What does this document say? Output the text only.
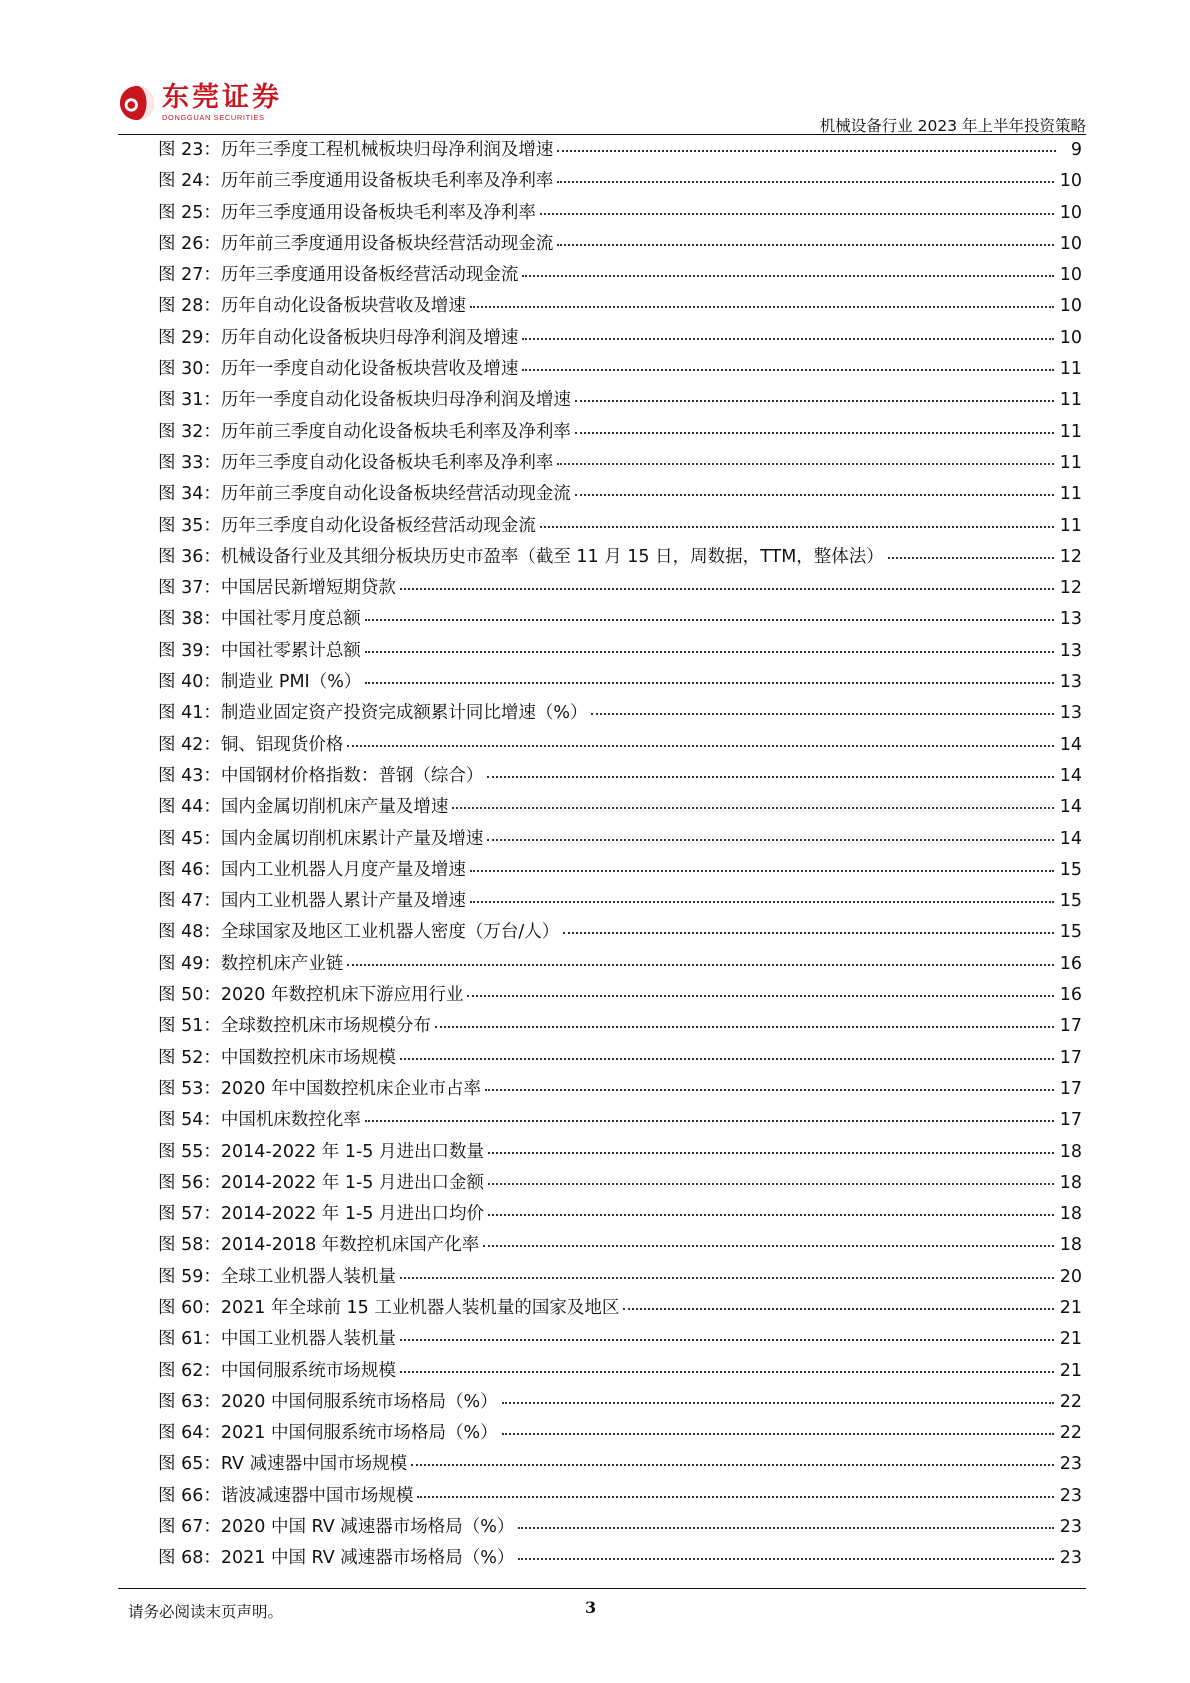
东莞证券
DONGGUAN SECURITIES	机械设备行业 2023 年上半年投资策略
图 23： 历年三季度工程机械板块归母净利润及增速	9
图 24： 历年前三季度通用设备板块毛利率及净利率	10
图 25： 历年三季度通用设备板块毛利率及净利率	10
图 26： 历年前三季度通用设备板块经营活动现金流	10
图 27： 历年三季度通用设备板经营活动现金流	10
图 28： 历年自动化设备板块营收及增速	10
图 29： 历年自动化设备板块归母净利润及增速	10
图 30： 历年一季度自动化设备板块营收及增速	11
图 31： 历年一季度自动化设备板块归母净利润及增速	11
图 32： 历年前三季度自动化设备板块毛利率及净利率	11
图 33： 历年三季度自动化设备板块毛利率及净利率	11
图 34： 历年前三季度自动化设备板块经营活动现金流	11
图 35： 历年三季度自动化设备板经营活动现金流	11
图 36： 机械设备行业及其细分板块历史市盈率（截至 11 月 15 日，周数据，TTM，整体法）	12
图 37： 中国居民新增短期贷款	12
图 38： 中国社零月度总额	13
图 39： 中国社零累计总额	13
图 40： 制造业 PMI（%）	13
图 41： 制造业固定资产投资完成额累计同比增速（%）	13
图 42： 铜、铝现货价格	14
图 43： 中国钢材价格指数：普钢（综合）	14
图 44： 国内金属切削机床产量及增速	14
图 45： 国内金属切削机床累计产量及增速	14
图 46： 国内工业机器人月度产量及增速	15
图 47： 国内工业机器人累计产量及增速	15
图 48： 全球国家及地区工业机器人密度（万台/人）	15
图 49： 数控机床产业链	16
图 50： 2020 年数控机床下游应用行业	16
图 51： 全球数控机床市场规模分布	17
图 52： 中国数控机床市场规模	17
图 53： 2020 年中国数控机床企业市占率	17
图 54： 中国机床数控化率	17
图 55： 2014-2022 年 1-5 月进出口数量	18
图 56： 2014-2022 年 1-5 月进出口金额	18
图 57： 2014-2022 年 1-5 月进出口均价	18
图 58： 2014-2018 年数控机床国产化率	18
图 59： 全球工业机器人装机量	20
图 60： 2021 年全球前 15 工业机器人装机量的国家及地区	21
图 61： 中国工业机器人装机量	21
图 62： 中国伺服系统市场规模	21
图 63： 2020 中国伺服系统市场格局（%）	22
图 64： 2021 中国伺服系统市场格局（%）	22
图 65： RV 减速器中国市场规模	23
图 66： 谐波减速器中国市场规模	23
图 67： 2020 中国 RV 减速器市场格局（%）	23
图 68： 2021 中国 RV 减速器市场格局（%）	23
请务必阅读末页声明。	3
